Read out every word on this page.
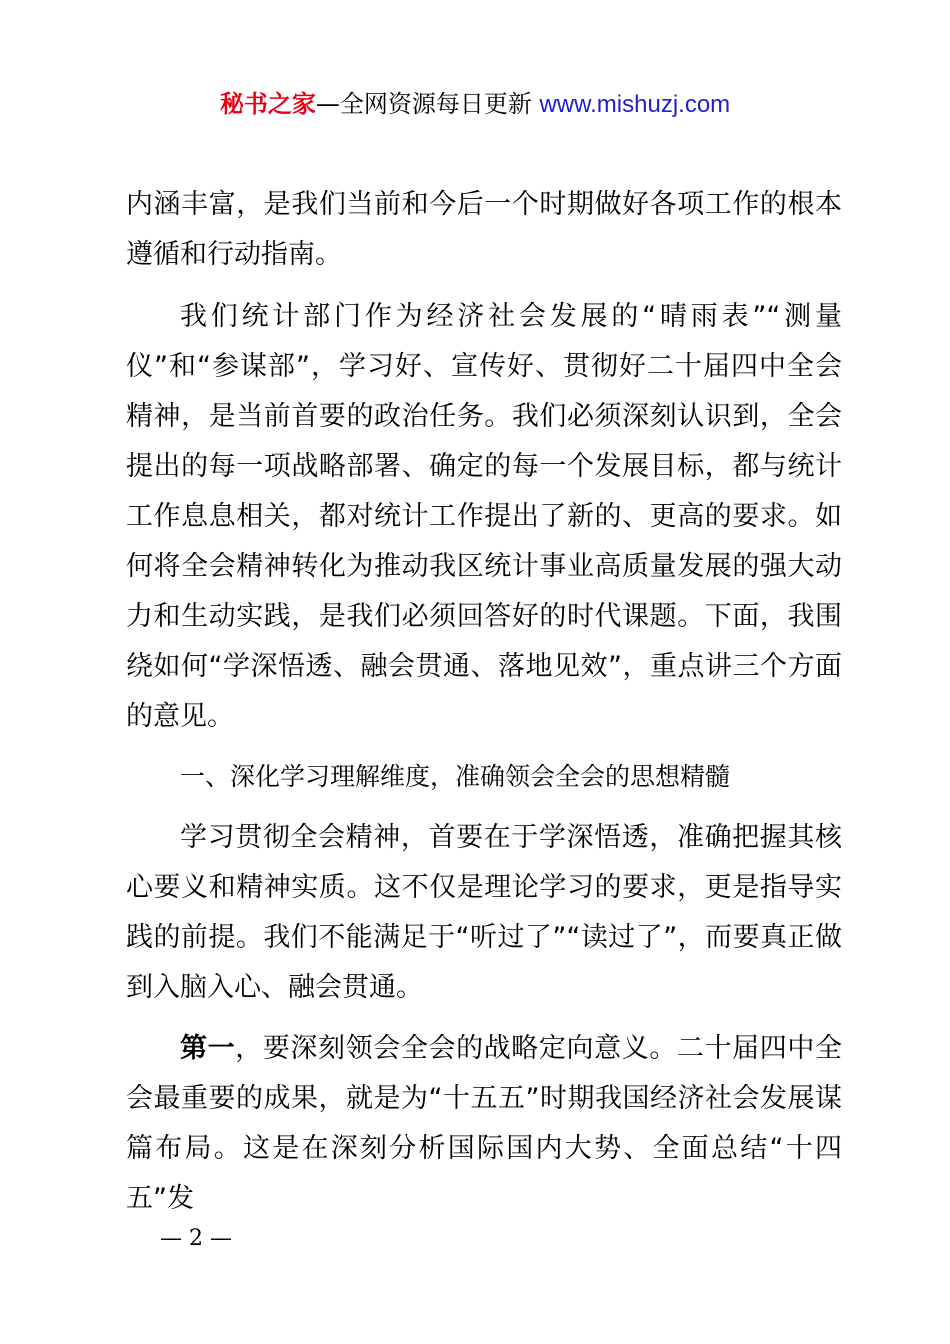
秘书之家—全网资源每日更新 www.mishuzj.com

内涵丰富，是我们当前和今后一个时期做好各项工作的根本遵循和行动指南。

我们统计部门作为经济社会发展的“晴雨表”“测量仪”和“参谋部”，学习好、宣传好、贯彻好二十届四中全会精神，是当前首要的政治任务。我们必须深刻认识到，全会提出的每一项战略部署、确定的每一个发展目标，都与统计工作息息相关，都对统计工作提出了新的、更高的要求。如何将全会精神转化为推动我区统计事业高质量发展的强大动力和生动实践，是我们必须回答好的时代课题。下面，我围绕如何“学深悟透、融会贯通、落地见效”，重点讲三个方面的意见。

一、深化学习理解维度，准确领会全会的思想精髓

学习贯彻全会精神，首要在于学深悟透，准确把握其核心要义和精神实质。这不仅是理论学习的要求，更是指导实践的前提。我们不能满足于“听过了”“读过了”，而要真正做到入脑入心、融会贯通。

第一，要深刻领会全会的战略定向意义。二十届四中全会最重要的成果，就是为“十五五”时期我国经济社会发展谋篇布局。这是在深刻分析国际国内大势、全面总结“十四五”发

— 2 —
